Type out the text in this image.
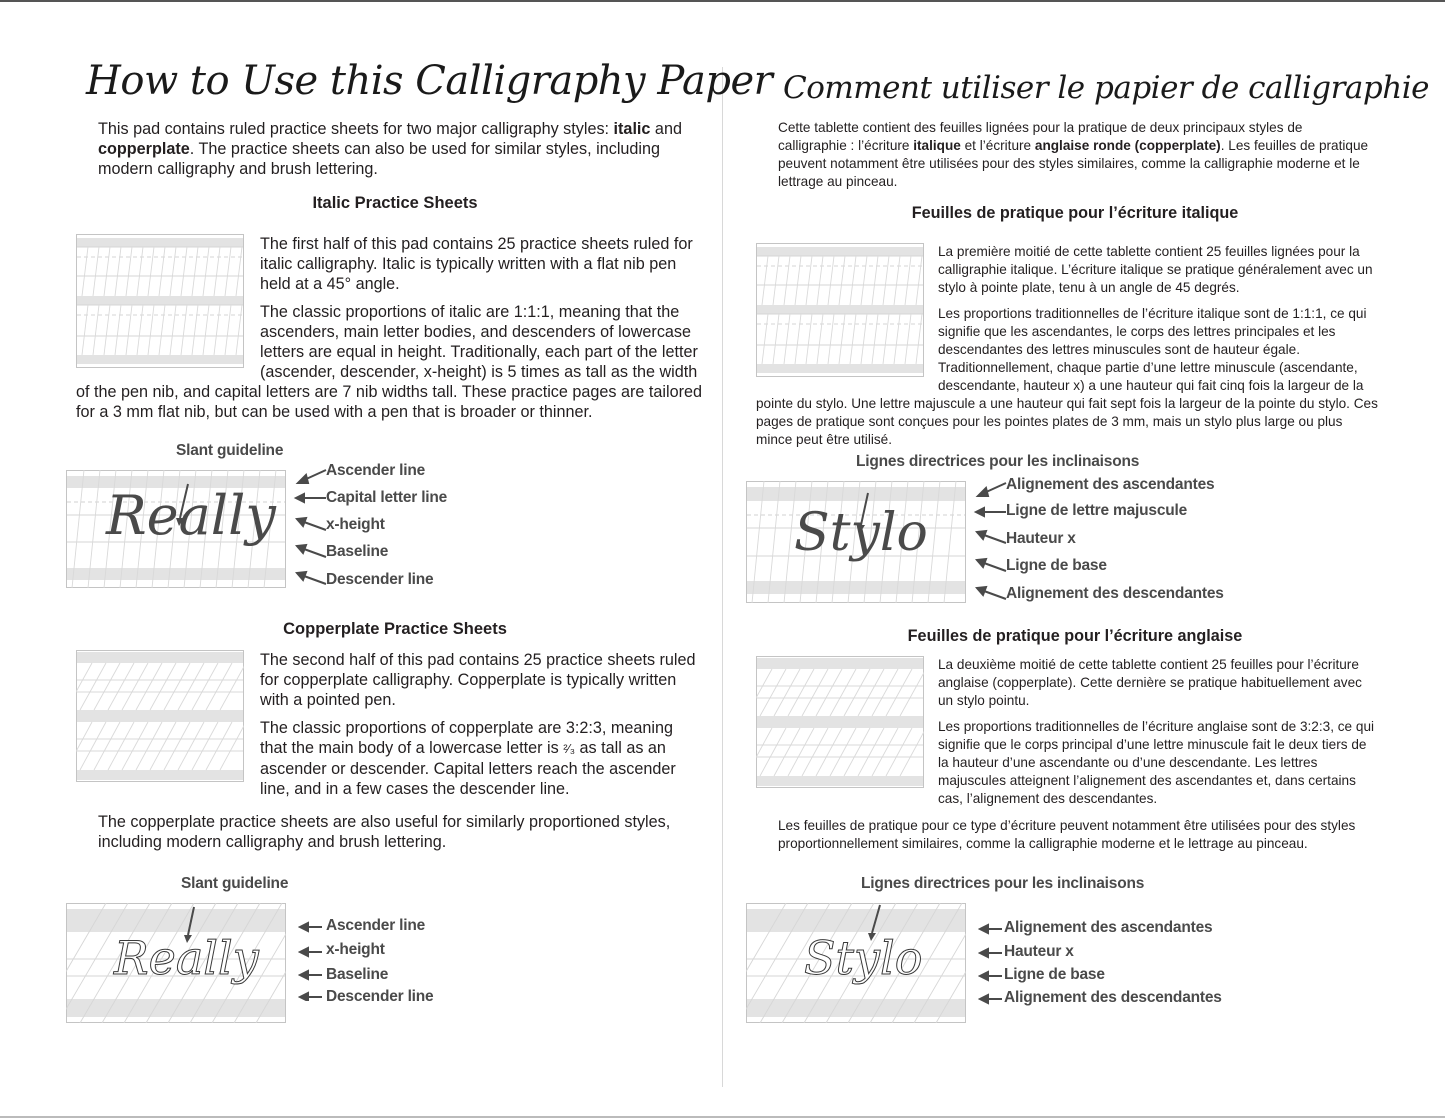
How to Use this Calligraphy Paper

This pad contains ruled practice sheets for two major calligraphy styles: italic and copperplate. The practice sheets can also be used for similar styles, including modern calligraphy and brush lettering.

Italic Practice Sheets

The first half of this pad contains 25 practice sheets ruled for italic calligraphy. Italic is typically written with a flat nib pen held at a 45° angle.

The classic proportions of italic are 1:1:1, meaning that the ascenders, main letter bodies, and descenders of lowercase letters are equal in height. Traditionally, each part of the letter (ascender, descender, x-height) is 5 times as tall as the width of the pen nib, and capital letters are 7 nib widths tall. These practice pages are tailored for a 3 mm flat nib, but can be used with a pen that is broader or thinner.

Slant guideline
Really
Ascender line
Capital letter line
x-height
Baseline
Descender line
Copperplate Practice Sheets

The second half of this pad contains 25 practice sheets ruled for copperplate calligraphy. Copperplate is typically written with a pointed pen.

The classic proportions of copperplate are 3:2:3, meaning that the main body of a lowercase letter is ²⁄₃ as tall as an ascender or descender. Capital letters reach the ascender line, and in a few cases the descender line.

The copperplate practice sheets are also useful for similarly proportioned styles, including modern calligraphy and brush lettering.

Slant guideline
Really
Ascender line
x-height
Baseline
Descender line
Comment utiliser le papier de calligraphie

Cette tablette contient des feuilles lignées pour la pratique de deux principaux styles de calligraphie : l’écriture italique et l’écriture anglaise ronde (copperplate). Les feuilles de pratique peuvent notamment être utilisées pour des styles similaires, comme la calligraphie moderne et le lettrage au pinceau.

Feuilles de pratique pour l’écriture italique

La première moitié de cette tablette contient 25 feuilles lignées pour la calligraphie italique. L’écriture italique se pratique généralement avec un stylo à pointe plate, tenu à un angle de 45 degrés.

Les proportions traditionnelles de l’écriture italique sont de 1:1:1, ce qui signifie que les ascendantes, le corps des lettres principales et les descendantes des lettres minuscules sont de hauteur égale. Traditionnellement, chaque partie d’une lettre minuscule (ascendante, descendante, hauteur x) a une hauteur qui fait cinq fois la largeur de la pointe du stylo. Une lettre majuscule a une hauteur qui fait sept fois la largeur de la pointe du stylo. Ces pages de pratique sont conçues pour les pointes plates de 3 mm, mais un stylo plus large ou plus mince peut être utilisé.

Lignes directrices pour les inclinaisons
Stylo
Alignement des ascendantes
Ligne de lettre majuscule
Hauteur x
Ligne de base
Alignement des descendantes
Feuilles de pratique pour l’écriture anglaise

La deuxième moitié de cette tablette contient 25 feuilles pour l’écriture anglaise (copperplate). Cette dernière se pratique habituellement avec un stylo pointu.

Les proportions traditionnelles de l’écriture anglaise sont de 3:2:3, ce qui signifie que le corps principal d’une lettre minuscule fait le deux tiers de la hauteur d’une ascendante ou d’une descendante. Les lettres majuscules atteignent l’alignement des ascendantes et, dans certains cas, l’alignement des descendantes.

Les feuilles de pratique pour ce type d’écriture peuvent notamment être utilisées pour des styles proportionnellement similaires, comme la calligraphie moderne et le lettrage au pinceau.

Lignes directrices pour les inclinaisons
Stylo
Alignement des ascendantes
Hauteur x
Ligne de base
Alignement des descendantes
